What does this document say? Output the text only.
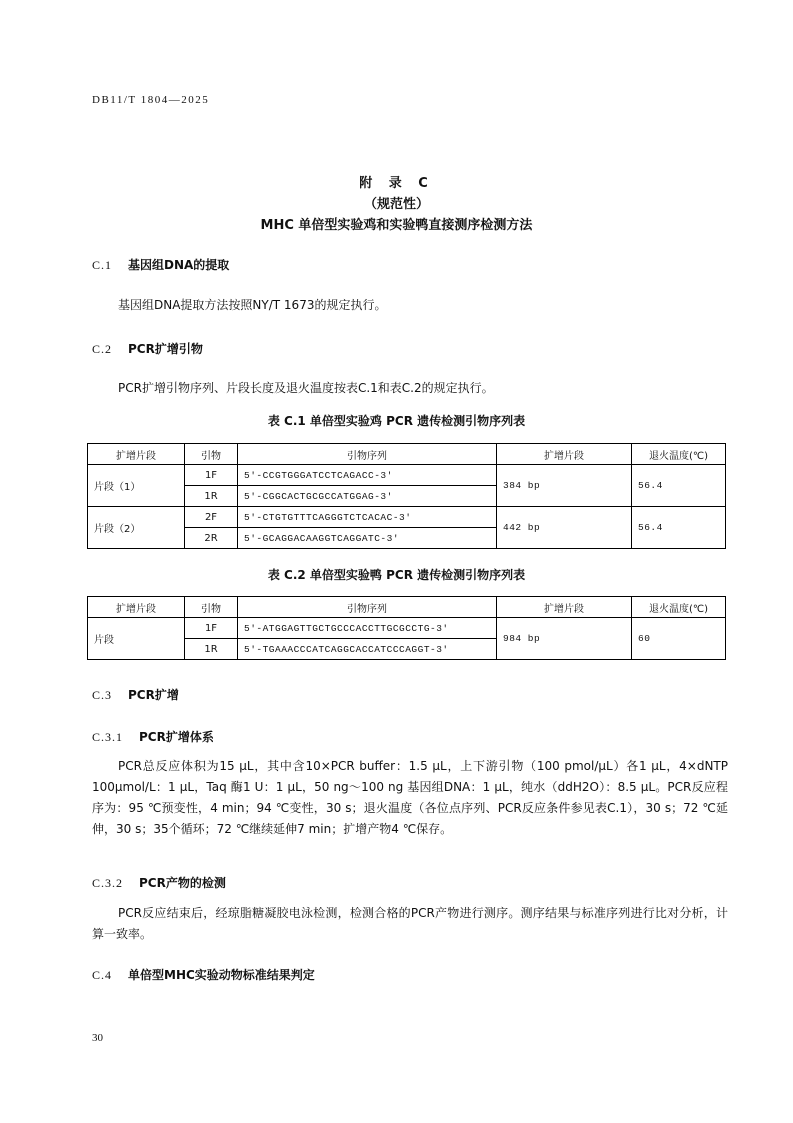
DB11/T 1804—2025
附 录 C
（规范性）
MHC 单倍型实验鸡和实验鸭直接测序检测方法
C.1 基因组DNA的提取
基因组DNA提取方法按照NY/T 1673的规定执行。
C.2 PCR扩增引物
PCR扩增引物序列、片段长度及退火温度按表C.1和表C.2的规定执行。
表 C.1 单倍型实验鸡 PCR 遗传检测引物序列表
扩增片段	引物	引物序列	扩增片段	退火温度(℃)
片段（1）	1F	5′-CCGTGGGATCCTCAGACC-3′	384 bp	56.4
	1R	5′-CGGCACTGCGCCATGGAG-3′		
片段（2）	2F	5′-CTGTGTTTCAGGGTCTCACAC-3′	442 bp	56.4
	2R	5′-GCAGGACAAGGTCAGGATC-3′		
表 C.2 单倍型实验鸭 PCR 遗传检测引物序列表
扩增片段	引物	引物序列	扩增片段	退火温度(℃)
片段	1F	5′-ATGGAGTTGCTGCCCACCTTGCGCCTG-3′	984 bp	60
	1R	5′-TGAAACCCATCAGGCACCATCCCAGGT-3′		
C.3 PCR扩增
C.3.1 PCR扩增体系
PCR总反应体积为15 μL，其中含10×PCR buffer：1.5 μL，上下游引物（100 pmol/μL）各1 μL，4×dNTP 100μmol/L：1 μL，Taq 酶1 U：1 μL，50 ng～100 ng 基因组DNA：1 μL，纯水（ddH2O）：8.5 μL。PCR反应程序为：95 ℃预变性，4 min；94 ℃变性，30 s；退火温度（各位点序列、PCR反应条件参见表C.1），30 s；72 ℃延伸，30 s；35个循环；72 ℃继续延伸7 min；扩增产物4 ℃保存。
C.3.2 PCR产物的检测
PCR反应结束后，经琼脂糖凝胶电泳检测，检测合格的PCR产物进行测序。测序结果与标准序列进行比对分析，计算一致率。
C.4 单倍型MHC实验动物标准结果判定
30
